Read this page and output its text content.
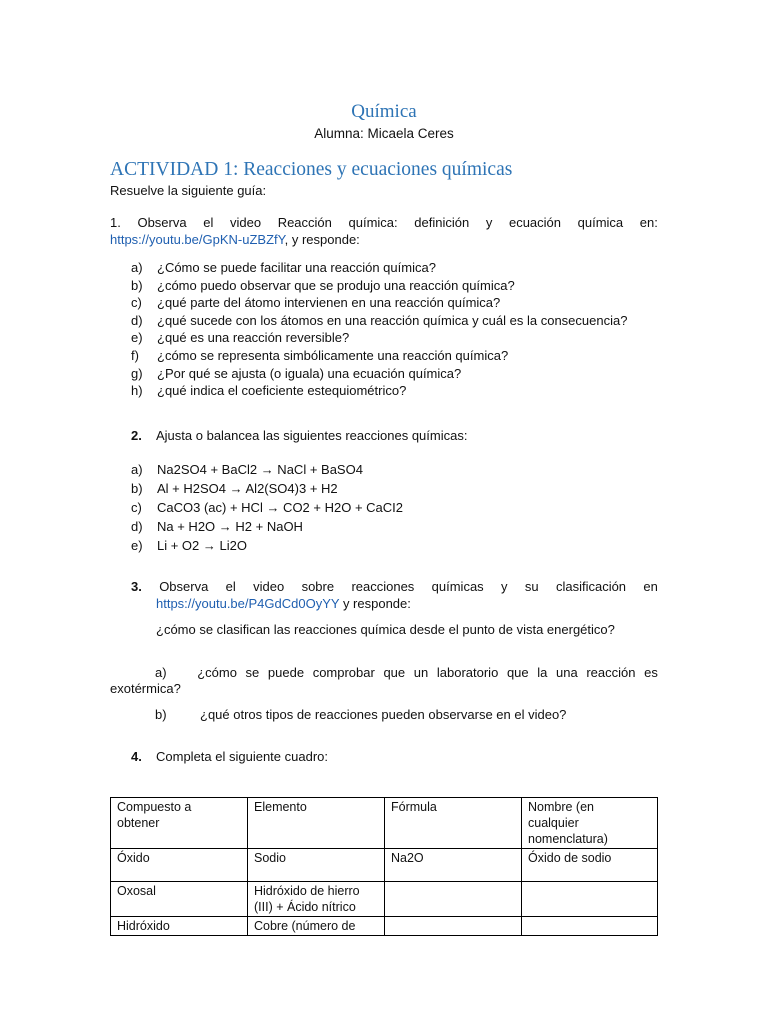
Química
Alumna: Micaela Ceres
ACTIVIDAD 1: Reacciones y ecuaciones químicas
Resuelve la siguiente guía:
1. Observa el video Reacción química: definición y ecuación química en:
https://youtu.be/GpKN-uZBZfY, y responde:
a)	¿Cómo se puede facilitar una reacción química?
b)	¿cómo puedo observar que se produjo una reacción química?
c)	¿qué parte del átomo intervienen en una reacción química?
d)	¿qué sucede con los átomos en una reacción química y cuál es la consecuencia?
e)	¿qué es una reacción reversible?
f)	¿cómo se representa simbólicamente una reacción química?
g)	¿Por qué se ajusta (o iguala) una ecuación química?
h)	¿qué indica el coeficiente estequiométrico?
2. Ajusta o balancea las siguientes reacciones químicas:
a)	Na2SO4 + BaCl2 → NaCl + BaSO4
b)	Al + H2SO4 → Al2(SO4)3 + H2
c)	CaCO3 (ac) + HCl → CO2 + H2O + CaCI2
d)	Na + H2O → H2 + NaOH
e)	Li + O2 → Li2O
3. Observa el video sobre reacciones químicas y su clasificación en
https://youtu.be/P4GdCd0OyYY y responde:
¿cómo se clasifican las reacciones química desde el punto de vista energético?
a) ¿cómo se puede comprobar que un laboratorio que la una reacción es
exotérmica?
b)	¿qué otros tipos de reacciones pueden observarse en el video?
4. Completa el siguiente cuadro:
Compuesto a
obtener	Elemento	Fórmula	Nombre (en
cualquier
nomenclatura)
Óxido	Sodio	Na2O	Óxido de sodio
Oxosal	Hidróxido de hierro
(III) + Ácido nítrico		
Hidróxido	Cobre (número de		
